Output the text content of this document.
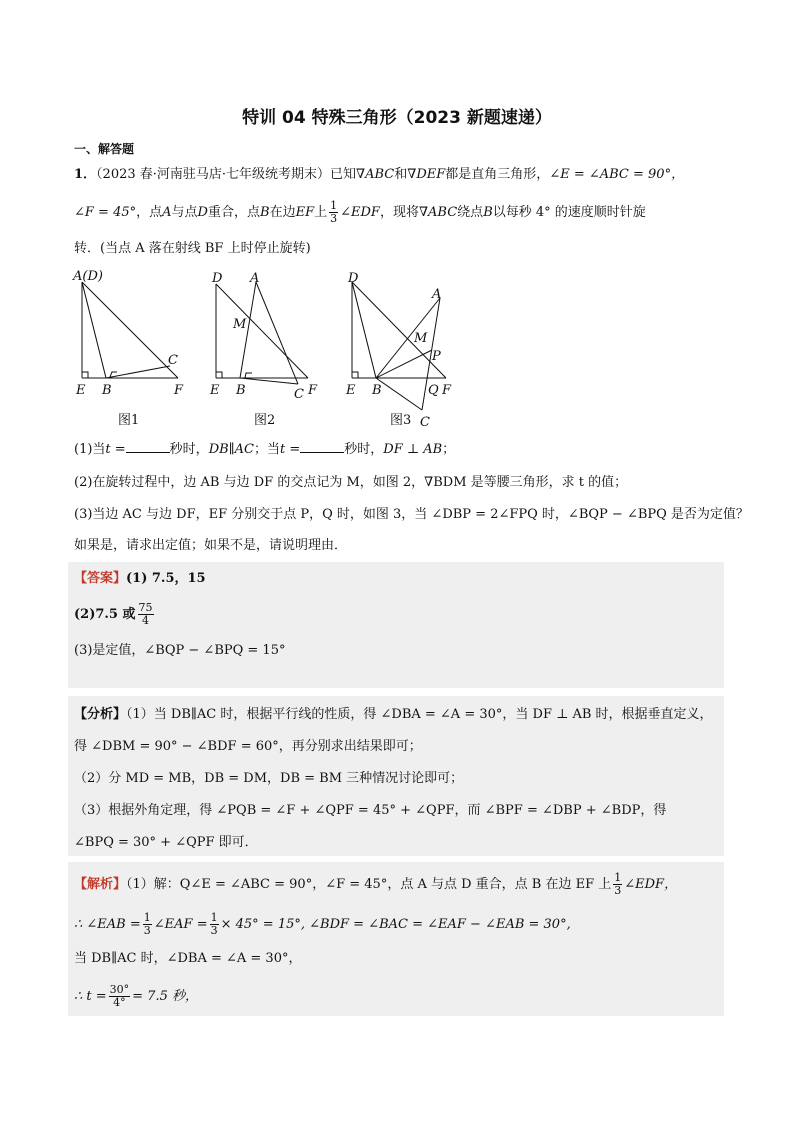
特训 04 特殊三角形（2023 新题速递）
一、解答题
1．（2023 春·河南驻马店·七年级统考期末）已知∇ABC和∇DEF都是直角三角形，∠E = ∠ABC = 90°，
∠F = 45°，点A与点D重合，点B在边EF上 $\frac{1}{3}$ ∠EDF，现将∇ABC绕点B以每秒 4° 的速度顺时针旋
转．(当点 A 落在射线 BF 上时停止旋转)
A(D)
C
E B	F
图1
D A
M
E B	C F
图2
D
A
M
P
E B	Q F
C
图3
(1)当t =	秒时，DB∥AC；当t =	秒时，DF ⊥ AB；
(2)在旋转过程中，边 AB 与边 DF 的交点记为 M，如图 2，∇BDM 是等腰三角形，求 t 的值；
(3)当边 AC 与边 DF，EF 分别交于点 P，Q 时，如图 3，当 ∠DBP = 2∠FPQ 时，∠BQP − ∠BPQ 是否为定值？
如果是，请求出定值；如果不是，请说明理由．
【答案】(1) 7.5，15
(2)7.5 或 $\frac{75}{4}$
(3)是定值，∠BQP − ∠BPQ = 15°
【分析】（1）当 DB∥AC 时，根据平行线的性质，得 ∠DBA = ∠A = 30°，当 DF ⊥ AB 时，根据垂直定义，
得 ∠DBM = 90° − ∠BDF = 60°，再分别求出结果即可；
（2）分 MD = MB，DB = DM，DB = BM 三种情况讨论即可；
（3）根据外角定理，得 ∠PQB = ∠F + ∠QPF = 45° + ∠QPF，而 ∠BPF = ∠DBP + ∠BDP，得
∠BPQ = 30° + ∠QPF 即可．
【解析】（1）解：Q∠E = ∠ABC = 90°，∠F = 45°，点 A 与点 D 重合，点 B 在边 EF 上 $\frac{1}{3}$ ∠EDF，
∴ ∠EAB = $\frac{1}{3}$ ∠EAF = $\frac{1}{3} \times 45^\circ = 15^\circ$, ∠BDF = ∠BAC = ∠EAF − ∠EAB = 30°,
当 DB∥AC 时，∠DBA = ∠A = 30°，
∴ $t = \frac{30^\circ}{4^\circ} = 7.5$ 秒，
